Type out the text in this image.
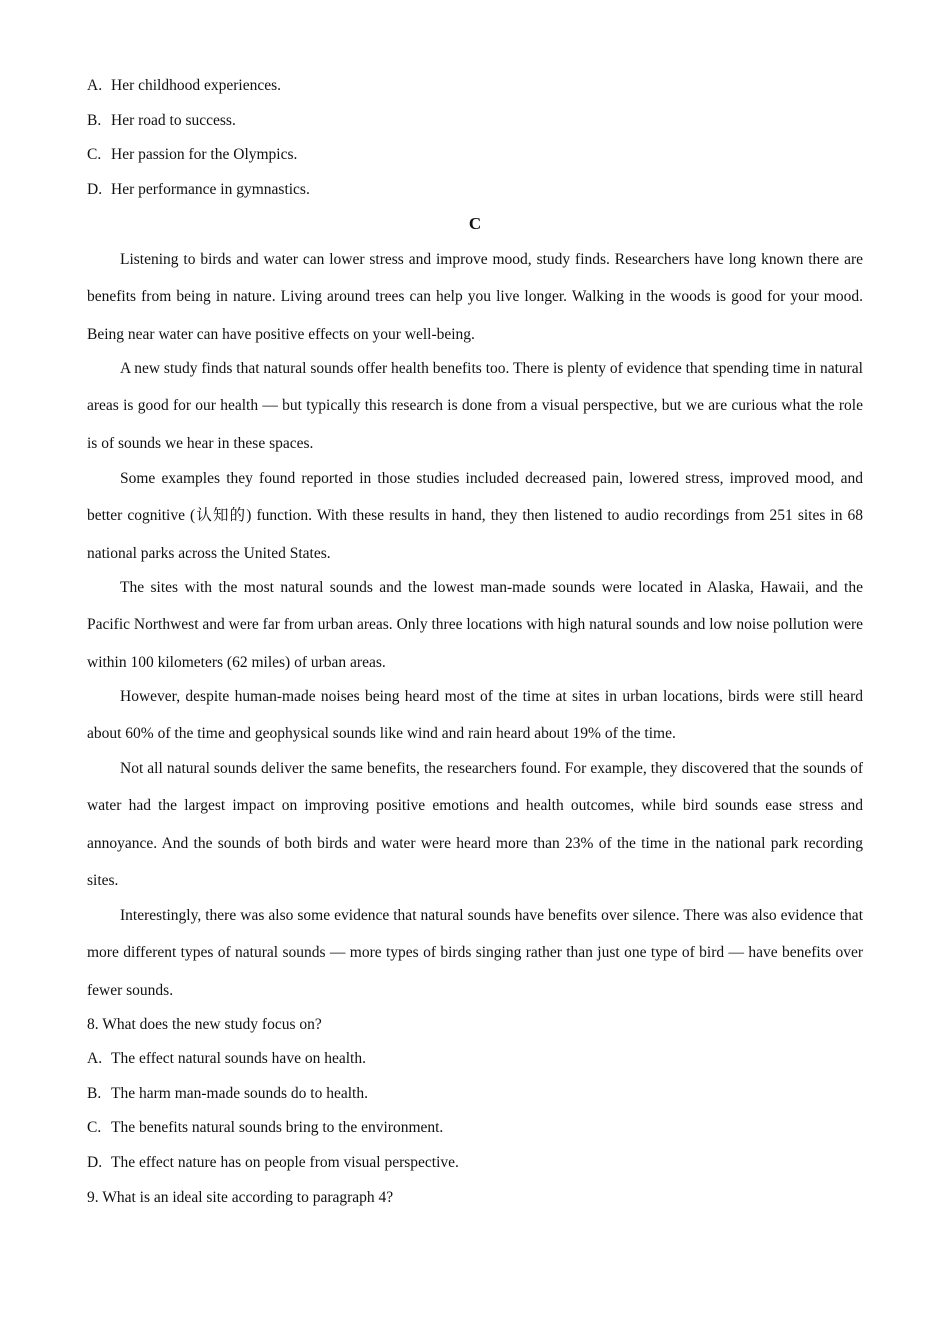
A. Her childhood experiences.
B. Her road to success.
C. Her passion for the Olympics.
D. Her performance in gymnastics.
C

Listening to birds and water can lower stress and improve mood, study finds. Researchers have long known there are benefits from being in nature. Living around trees can help you live longer. Walking in the woods is good for your mood. Being near water can have positive effects on your well-being.

A new study finds that natural sounds offer health benefits too. There is plenty of evidence that spending time in natural areas is good for our health — but typically this research is done from a visual perspective, but we are curious what the role is of sounds we hear in these spaces.

Some examples they found reported in those studies included decreased pain, lowered stress, improved mood, and better cognitive (认知的) function. With these results in hand, they then listened to audio recordings from 251 sites in 68 national parks across the United States.

The sites with the most natural sounds and the lowest man-made sounds were located in Alaska, Hawaii, and the Pacific Northwest and were far from urban areas. Only three locations with high natural sounds and low noise pollution were within 100 kilometers (62 miles) of urban areas.

However, despite human-made noises being heard most of the time at sites in urban locations, birds were still heard about 60% of the time and geophysical sounds like wind and rain heard about 19% of the time.

Not all natural sounds deliver the same benefits, the researchers found. For example, they discovered that the sounds of water had the largest impact on improving positive emotions and health outcomes, while bird sounds ease stress and annoyance. And the sounds of both birds and water were heard more than 23% of the time in the national park recording sites.

Interestingly, there was also some evidence that natural sounds have benefits over silence. There was also evidence that more different types of natural sounds — more types of birds singing rather than just one type of bird — have benefits over fewer sounds.

8. What does the new study focus on?
A. The effect natural sounds have on health.
B. The harm man-made sounds do to health.
C. The benefits natural sounds bring to the environment.
D. The effect nature has on people from visual perspective.
9. What is an ideal site according to paragraph 4?
